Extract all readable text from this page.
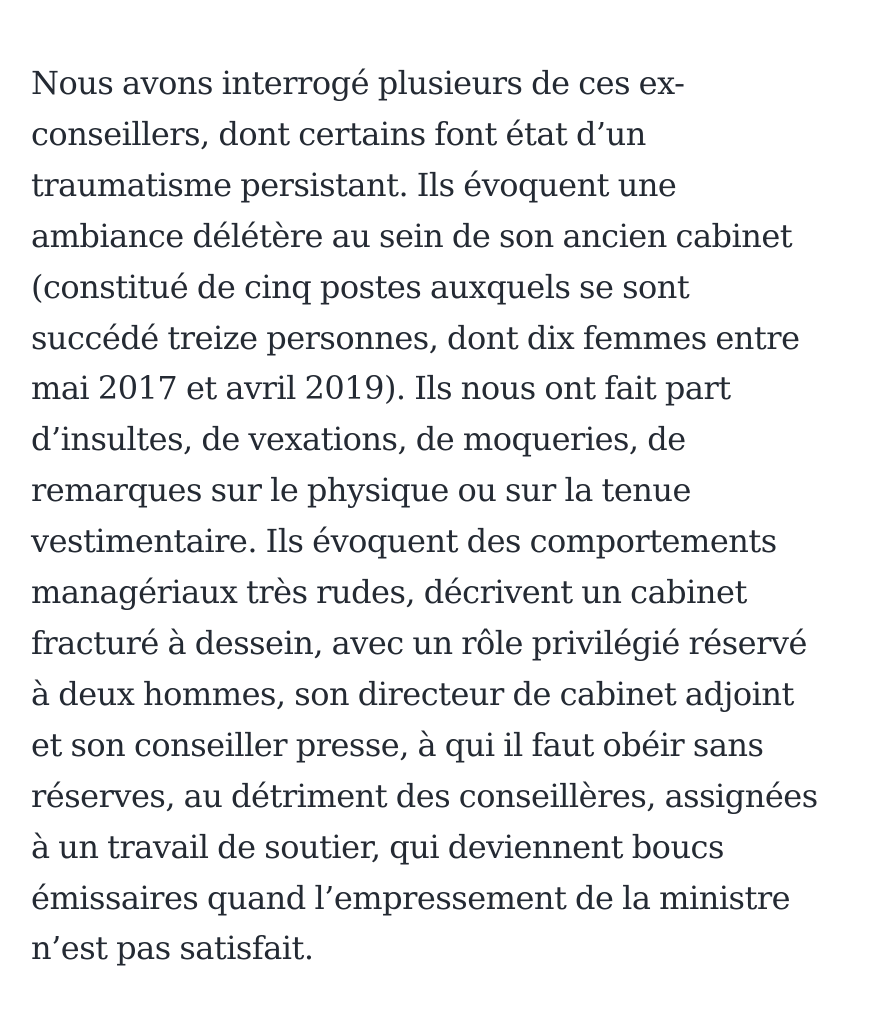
Nous avons interrogé plusieurs de ces ex-
conseillers, dont certains font état d’un
traumatisme persistant. Ils évoquent une
ambiance délétère au sein de son ancien cabinet
(constitué de cinq postes auxquels se sont
succédé treize personnes, dont dix femmes entre
mai 2017 et avril 2019). Ils nous ont fait part
d’insultes, de vexations, de moqueries, de
remarques sur le physique ou sur la tenue
vestimentaire. Ils évoquent des comportements
managériaux très rudes, décrivent un cabinet
fracturé à dessein, avec un rôle privilégié réservé
à deux hommes, son directeur de cabinet adjoint
et son conseiller presse, à qui il faut obéir sans
réserves, au détriment des conseillères, assignées
à un travail de soutier, qui deviennent boucs
émissaires quand l’empressement de la ministre
n’est pas satisfait.
